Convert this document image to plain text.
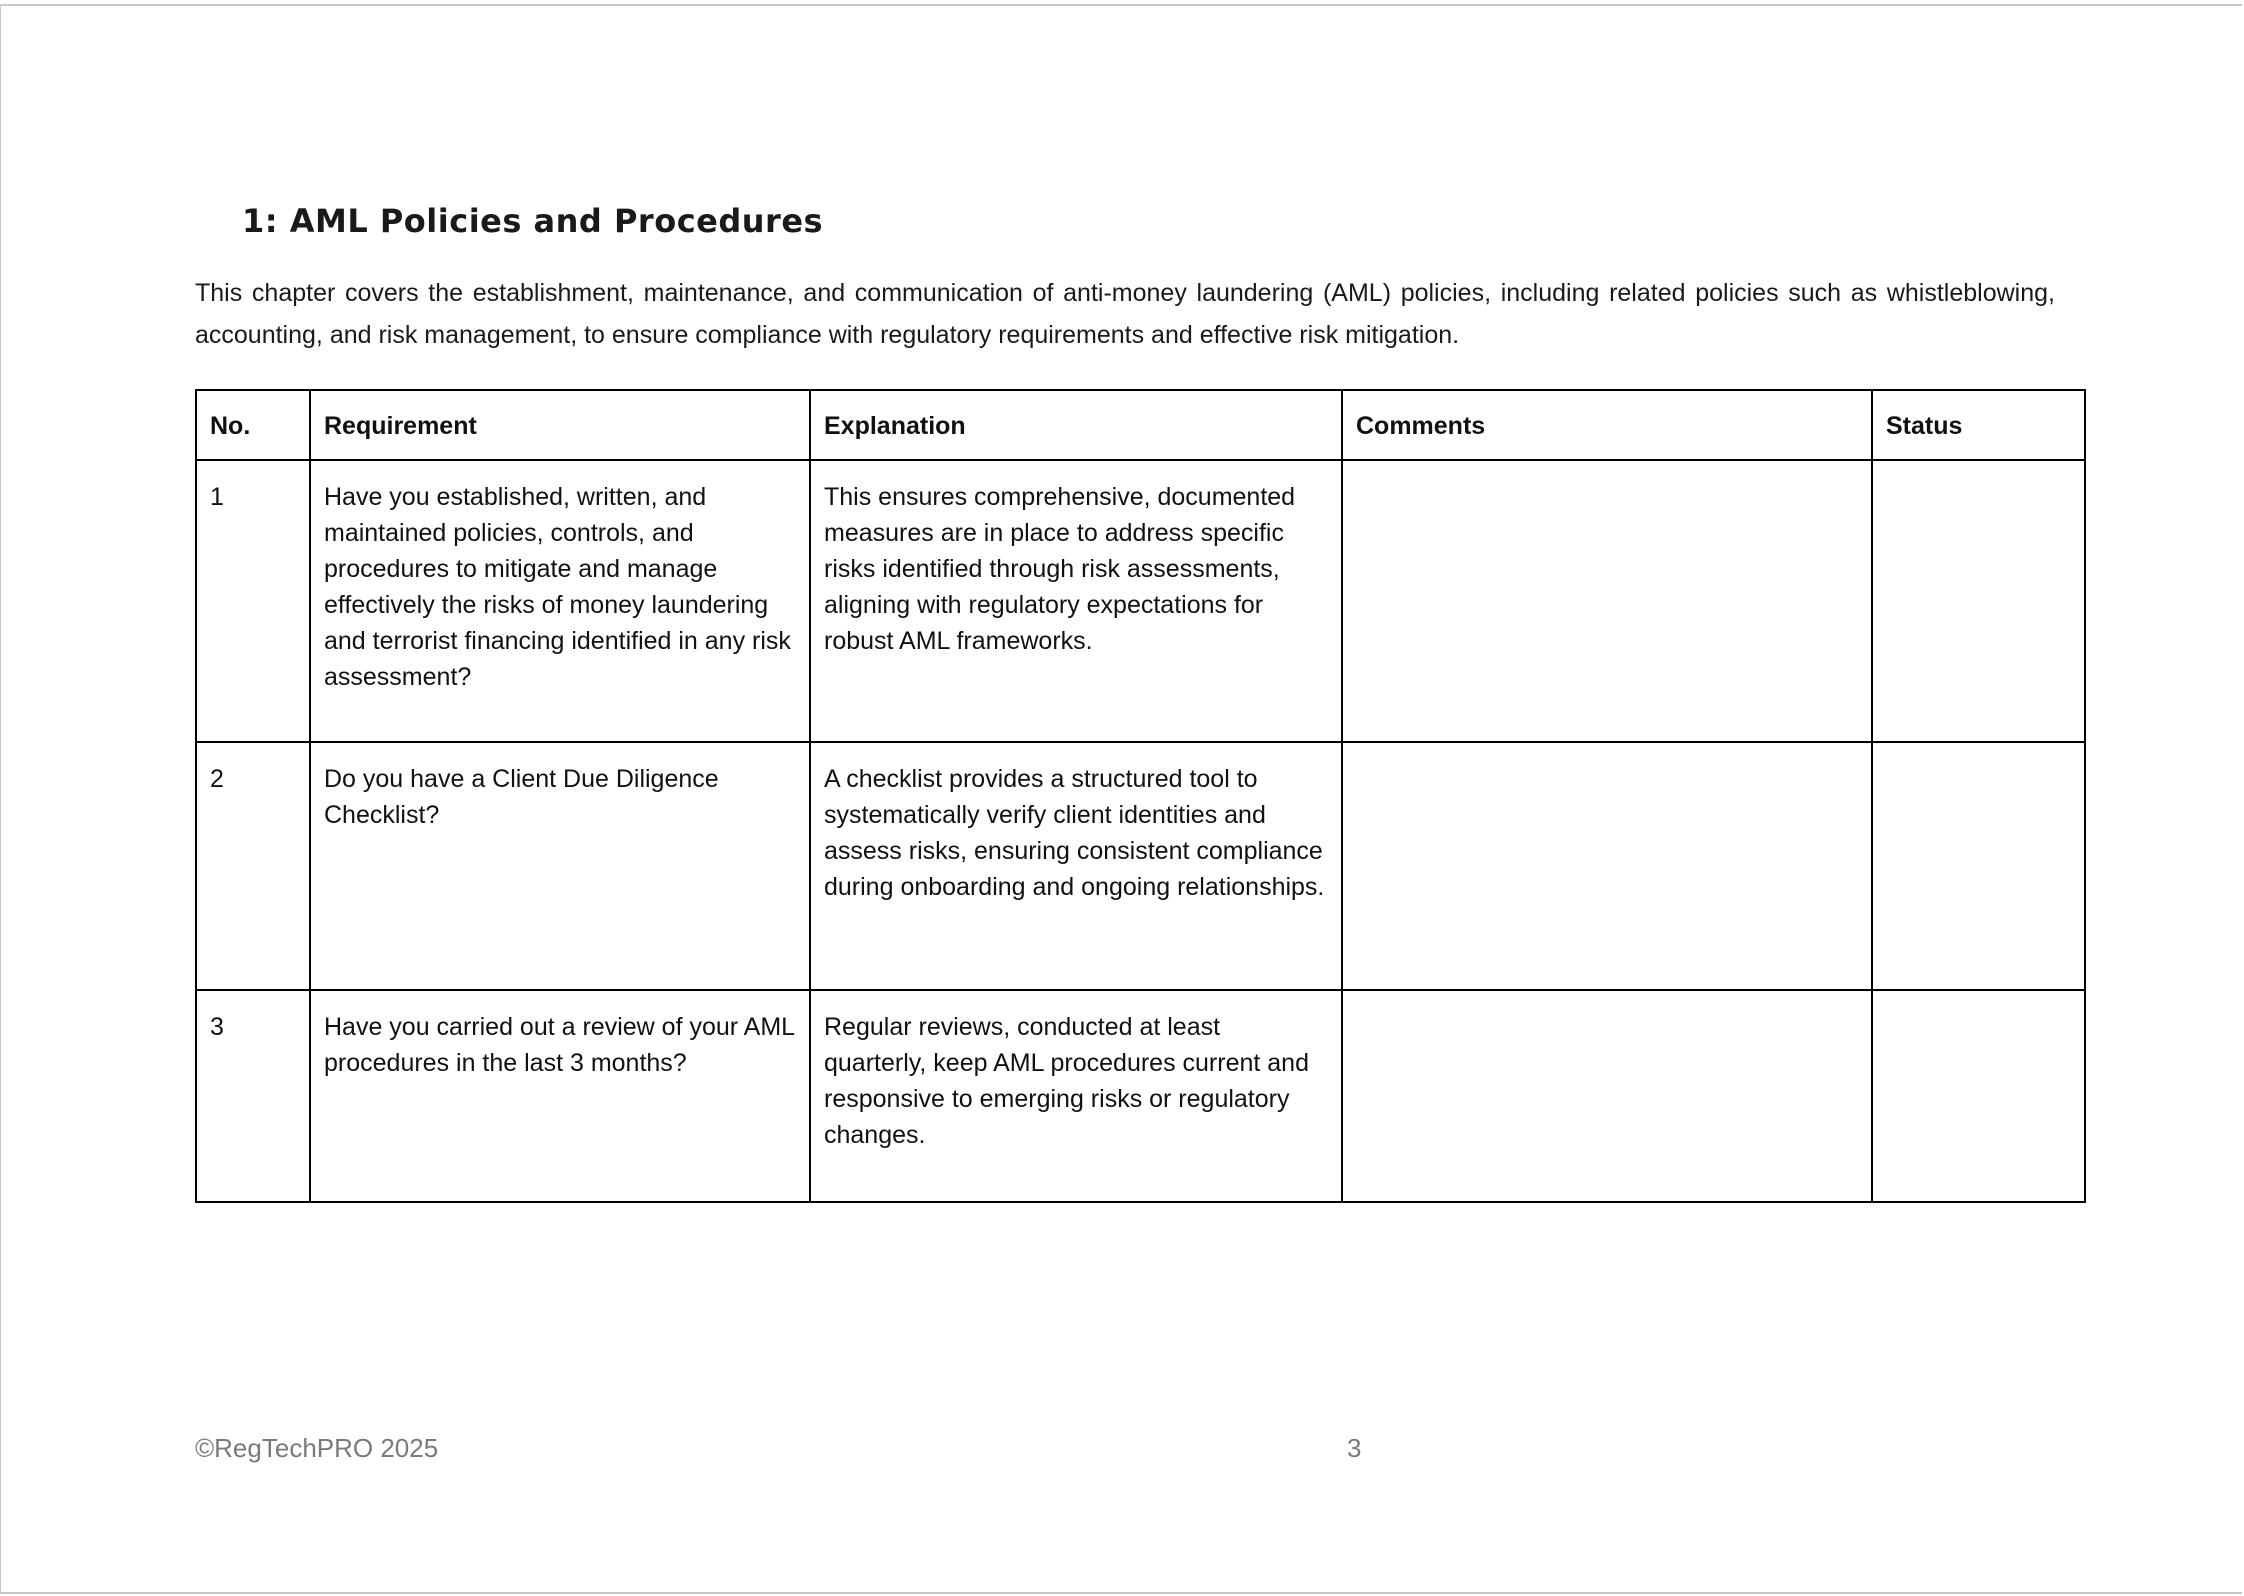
1: AML Policies and Procedures

This chapter covers the establishment, maintenance, and communication of anti-money laundering (AML) policies, including related policies such as whistleblowing, accounting, and risk management, to ensure compliance with regulatory requirements and effective risk mitigation.

No.	Requirement	Explanation	Comments	Status
1	Have you established, written, and maintained policies, controls, and procedures to mitigate and manage effectively the risks of money laundering and terrorist financing identified in any risk assessment?	This ensures comprehensive, documented measures are in place to address specific risks identified through risk assessments, aligning with regulatory expectations for robust AML frameworks.		
2	Do you have a Client Due Diligence Checklist?	A checklist provides a structured tool to systematically verify client identities and assess risks, ensuring consistent compliance during onboarding and ongoing relationships.		
3	Have you carried out a review of your AML procedures in the last 3 months?	Regular reviews, conducted at least quarterly, keep AML procedures current and responsive to emerging risks or regulatory changes.		
©RegTechPRO 2025	3
